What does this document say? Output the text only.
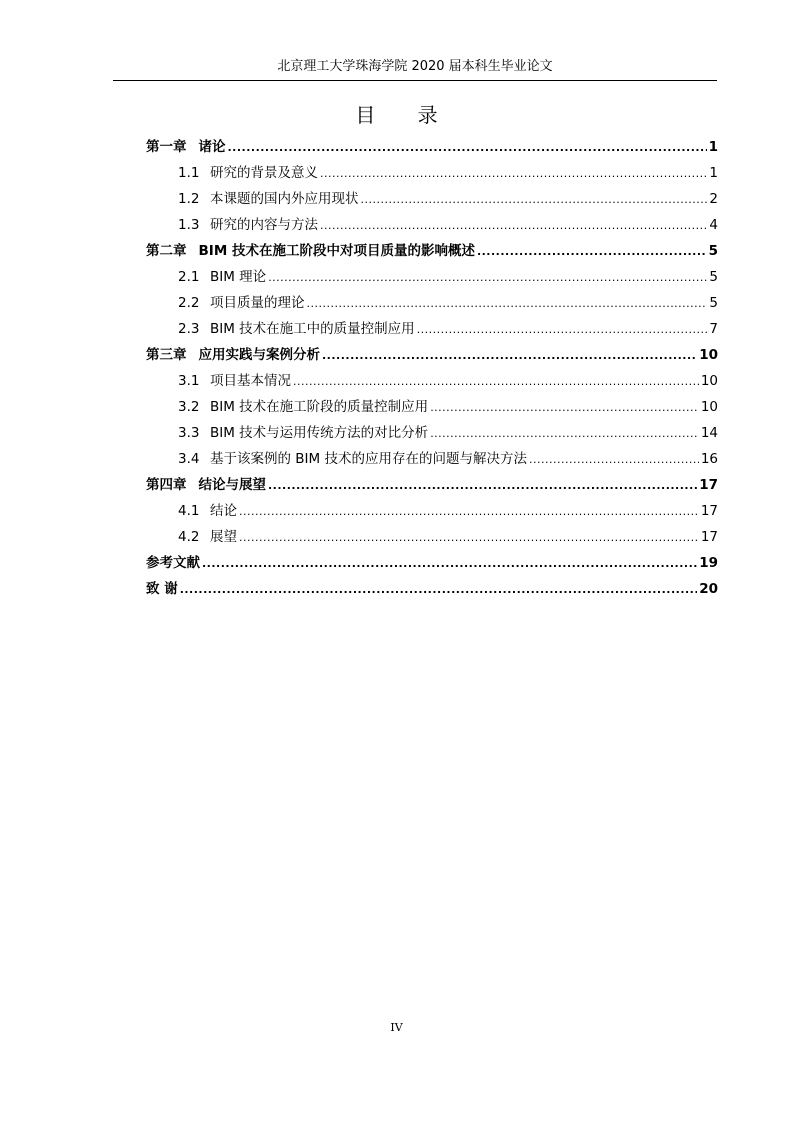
北京理工大学珠海学院 2020 届本科生毕业论文
目 录
第一章 诸论 .....	1
1.1 研究的背景及意义 .....	1
1.2 本课题的国内外应用现状 .....	2
1.3 研究的内容与方法 .....	4
第二章 BIM 技术在施工阶段中对项目质量的影响概述 .....	5
2.1 BIM 理论 .....	5
2.2 项目质量的理论 .....	5
2.3 BIM 技术在施工中的质量控制应用 .....	7
第三章 应用实践与案例分析 .....	10
3.1 项目基本情况 .....	10
3.2 BIM 技术在施工阶段的质量控制应用 .....	10
3.3 BIM 技术与运用传统方法的对比分析 .....	14
3.4 基于该案例的 BIM 技术的应用存在的问题与解决方法 .....	16
第四章 结论与展望 .....	17
4.1 结论 .....	17
4.2 展望 .....	17
参考文献 .....	19
致 谢 .....	20
IV
